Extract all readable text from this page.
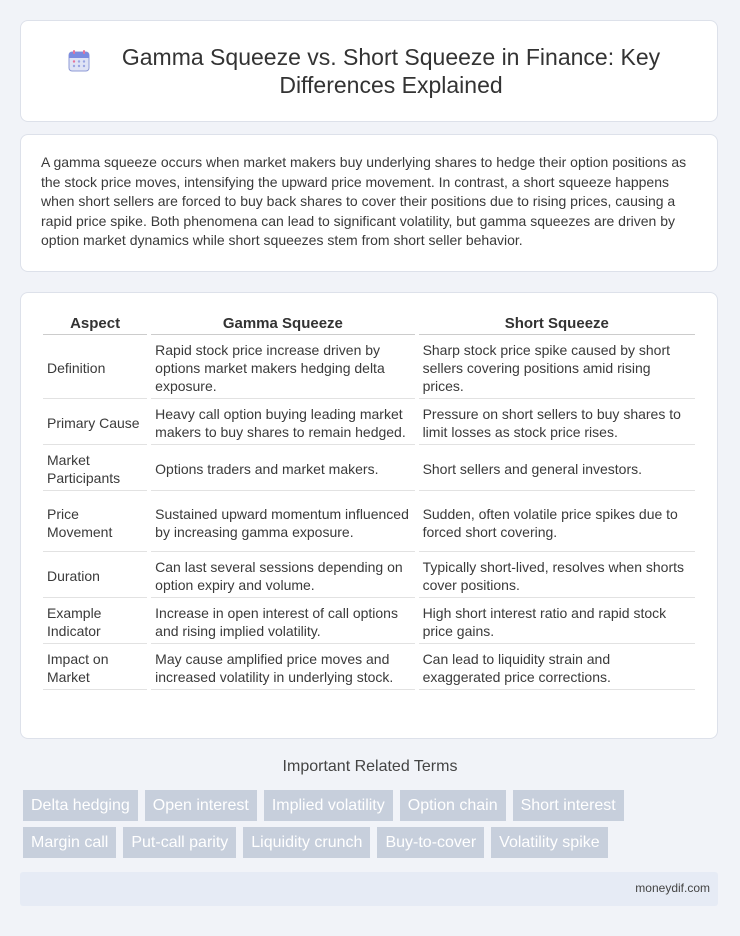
Gamma Squeeze vs. Short Squeeze in Finance: Key Differences Explained

A gamma squeeze occurs when market makers buy underlying shares to hedge their option positions as the stock price moves, intensifying the upward price movement. In contrast, a short squeeze happens when short sellers are forced to buy back shares to cover their positions due to rising prices, causing a rapid price spike. Both phenomena can lead to significant volatility, but gamma squeezes are driven by option market dynamics while short squeezes stem from short seller behavior.

Aspect	Gamma Squeeze	Short Squeeze
Definition	Rapid stock price increase driven by options market makers hedging delta exposure.	Sharp stock price spike caused by short sellers covering positions amid rising prices.
Primary Cause	Heavy call option buying leading market makers to buy shares to remain hedged.	Pressure on short sellers to buy shares to limit losses as stock price rises.
Market Participants	Options traders and market makers.	Short sellers and general investors.
Price Movement	Sustained upward momentum influenced by increasing gamma exposure.	Sudden, often volatile price spikes due to forced short covering.
Duration	Can last several sessions depending on option expiry and volume.	Typically short-lived, resolves when shorts cover positions.
Example Indicator	Increase in open interest of call options and rising implied volatility.	High short interest ratio and rapid stock price gains.
Impact on Market	May cause amplified price moves and increased volatility in underlying stock.	Can lead to liquidity strain and exaggerated price corrections.
Important Related Terms
Delta hedging	Open interest	Implied volatility	Option chain	Short interest
Margin call	Put-call parity	Liquidity crunch	Buy-to-cover	Volatility spike
moneydif.com
